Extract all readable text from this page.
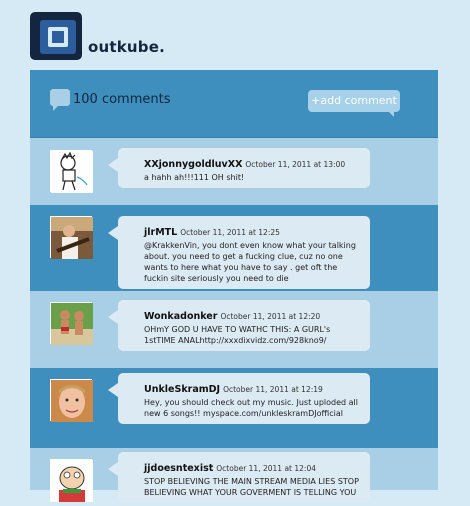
outkube.
100 comments	+add comment
XXjonnygoldluvXX October 11, 2011 at 13:00
a hahh ah!!!111 OH shit!
jlrMTL October 11, 2011 at 12:25
@KrakkenVin, you dont even know what your talking about. you need to get a fucking clue, cuz no one wants to here what you have to say . get oft the fuckin site seriously you need to die
Wonkadonker October 11, 2011 at 12:20
OHmY GOD U HAVE TO WATHC THIS: A GURL's 1stTIME ANALhttp://xxxdixvidz.com/928kno9/
UnkleSkramDJ October 11, 2011 at 12:19
Hey, you should check out my music. Just uploded all new 6 songs!! myspace.com/unkleskramDJofficial
jjdoesntexist October 11, 2011 at 12:04
STOP BELIEVING THE MAIN STREAM MEDIA LIES STOP BELIEVING WHAT YOUR GOVERMENT IS TELLING YOU
